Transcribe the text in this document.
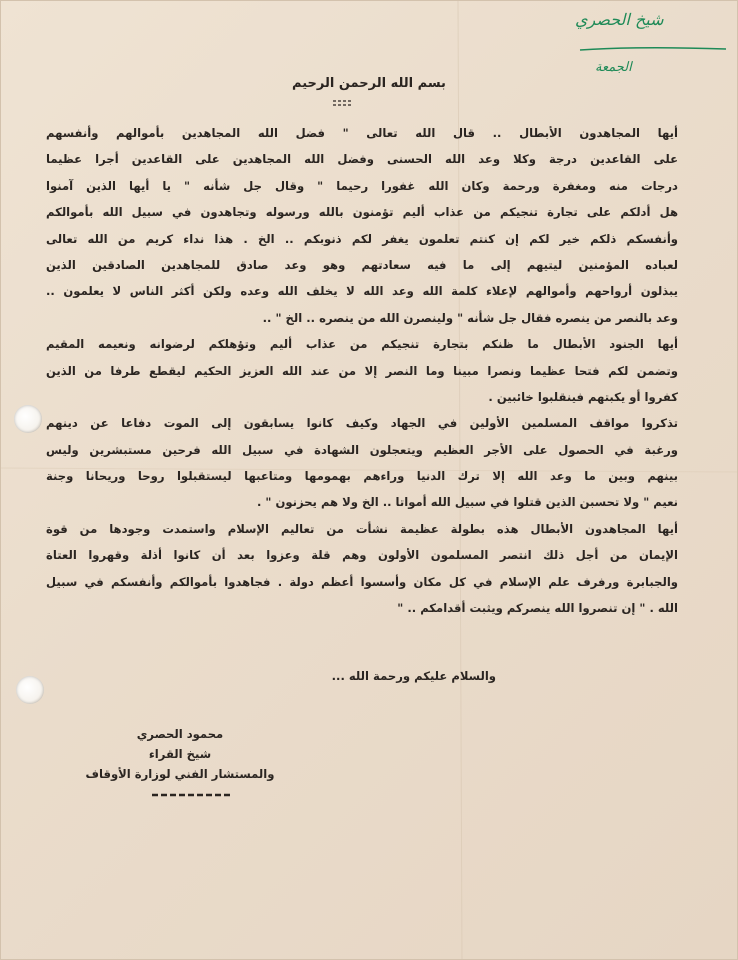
شيخ الحصري
الجمعة
بسم الله الرحمن الرحيم
أيها المجاهدون الأبطال .. قال الله تعالى " فضل الله المجاهدين بأموالهم وأنفسهم
على القاعدين درجة وكلا وعد الله الحسنى وفضل الله المجاهدين على القاعدين أجرا عظيما
درجات منه ومغفرة ورحمة وكان الله غفورا رحيما " وقال جل شأنه " يا أيها الذين آمنوا
هل أدلكم على تجارة تنجيكم من عذاب أليم تؤمنون بالله ورسوله وتجاهدون في سبيل الله بأموالكم
وأنفسكم ذلكم خير لكم إن كنتم تعلمون يغفر لكم ذنوبكم .. الخ . هذا نداء كريم من الله تعالى
لعباده المؤمنين ليتيهم إلى ما فيه سعادتهم وهو وعد صادق للمجاهدين الصادقين الذين
يبذلون أرواحهم وأموالهم لإعلاء كلمة الله وعد الله لا يخلف الله وعده ولكن أكثر الناس لا يعلمون ..
وعد بالنصر من ينصره فقال جل شأنه " ولينصرن الله من ينصره .. الخ " ..
أيها الجنود الأبطال ما ظنكم بتجارة تنجيكم من عذاب أليم وتؤهلكم لرضوانه ونعيمه المقيم
وتضمن لكم فتحا عظيما ونصرا مبينا وما النصر إلا من عند الله العزيز الحكيم ليقطع طرفا من الذين
كفروا أو يكبتهم فينقلبوا خائبين .
تذكروا مواقف المسلمين الأولين في الجهاد وكيف كانوا يسابقون إلى الموت دفاعا عن دينهم
ورغبة في الحصول على الأجر العظيم ويتعجلون الشهادة في سبيل الله فرحين مستبشرين وليس
بينهم وبين ما وعد الله إلا ترك الدنيا وراءهم بهمومها ومتاعبها ليستقبلوا روحا وريحانا وجنة
نعيم " ولا تحسبن الذين قتلوا في سبيل الله أمواتا .. الخ ولا هم يحزنون " .
أيها المجاهدون الأبطال هذه بطولة عظيمة نشأت من تعاليم الإسلام واستمدت وجودها من قوة
الإيمان من أجل ذلك انتصر المسلمون الأولون وهم قلة وعزوا بعد أن كانوا أذلة وقهروا العتاة
والجبابرة ورفرف علم الإسلام في كل مكان وأسسوا أعظم دولة . فجاهدوا بأموالكم وأنفسكم في سبيل
الله . " إن تنصروا الله ينصركم ويثبت أقدامكم .. "
والسلام عليكم ورحمة الله ...
محمود الحصري
شيخ القراء
والمستشار الفني لوزارة الأوقاف
